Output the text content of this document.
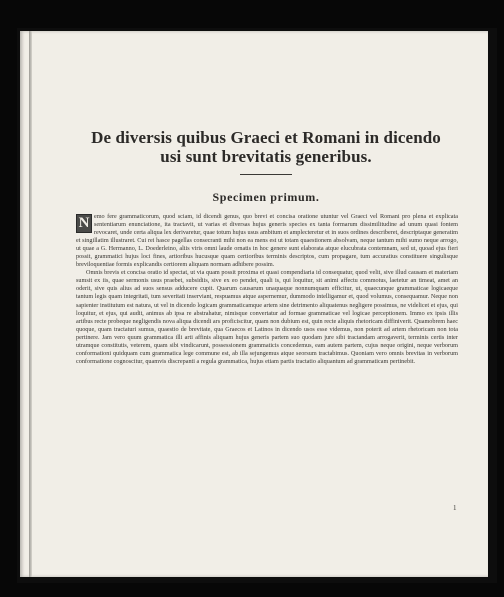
De diversis quibus Graeci et Romani in dicendo
usi sunt brevitatis generibus.
Specimen primum.

N emo fere grammaticorum, quod sciam, id dicendi genus, quo brevi et concisa oratione utuntur vel Graeci vel Romani pro plena et explicata sententiarum enunciatione, ita tractavit, ut varias et diversas hujus generis species ex tanta formarum dissimilitudine ad unum quasi fontem revocaret, unde certa aliqua lex derivaretur, quae totum hujus usus ambitum et amplecteretur et in suos ordines describeret, descriptaque generatim et singillatim illustraret. Cui rei hasce pagellas consecranti mihi non ea mens est ut totam quaestionem absolvam, neque tantum mihi sumo neque arrogo, ut quae a G. Hermanno, L. Doederleino, aliis viris omni laude ornatis in hoc genere sunt elaborata atque elucubrata contemnam, sed ut, quoad ejus fieri possit, grammatici hujus loci fines, artioribus hucusque quam certioribus terminis descriptos, cum propagare, tum accuratius constituere singulisque breviloquentiae formis explicandis certiorem aliquam normam adhibere possim.

Omnis brevis et concisa oratio id spectat, ut via quam possit proxima et quasi compendiaria id consequatur, quod velit, sive illud causam et materiam sumsit ex iis, quae sermonis usus praebet, subsidiis, sive ex eo pendet, quali is, qui loquitur, sit animi affectu commotus, laetetur an timeat, amet an oderit, sive quis alius ad suos sensus adducere cupit. Quarum causarum unaquaque nonnumquam efficitur, ut, quaecunque grammaticae logicaeque tantum legis quam integritati, tum severitati inserviant, respuamus atque aspernemur, dummodo intelligamur et, quod volumus, consequamur. Neque non sapienter institutum est natura, ut vel in dicendo logicam grammaticamque artem sine detrimento aliquatenus negligere possimus, ne videlicet et ejus, qui loquitur, et ejus, qui audit, animus ab ipsa re abstrahatur, nimisque convertatur ad formae grammaticae vel logicae perceptionem. Immo ex ipsis illis artibus recte probeque negligendis nova aliqua dicendi ars proficiscitur, quam non dubium est, quin recte aliquis rhetoricam diffiniverit. Quamobrem haec quoque, quam tractaturi sumus, quaestio de brevitate, qua Graecos et Latinos in dicendo usos esse videmus, non poterit ad artem rhetoricam non tota pertinere. Jam vero quum grammatica illi arti affinis aliquam hujus generis partem suo quodam jure sibi tractandam arrogaverit, terminis certis inter utramque constitutis, veterem, quam sibi vindicarunt, possessionem grammaticis concedemus, eam autem partem, cujus neque origini, neque verborum conformationi quidquam cum grammatica lege commune est, ab illa sejungemus atque seorsum tractabimus. Quoniam vero omnis brevitas in verborum conformatione cognoscitur, quamvis discrepanti a regula grammatica, hujus etiam partis tractatio aliquantum ad grammaticam pertinebit.

1
